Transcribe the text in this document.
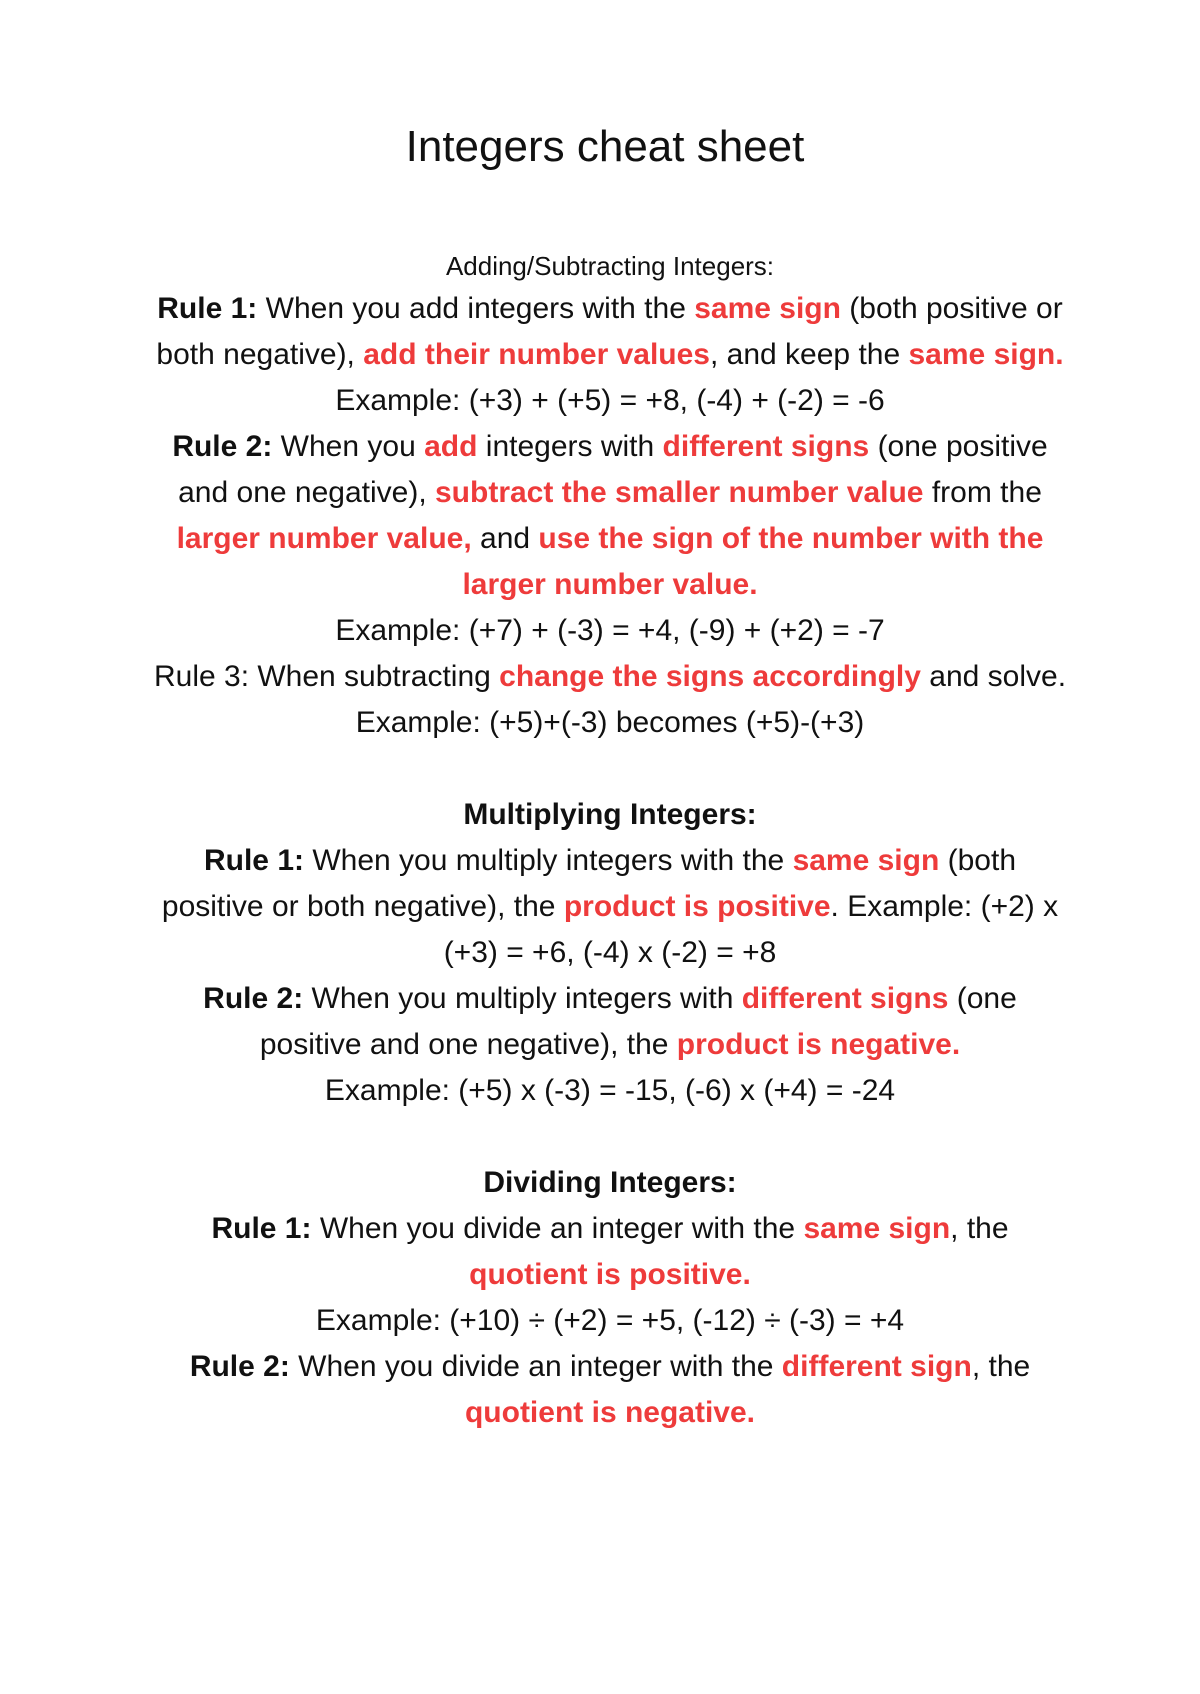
Integers cheat sheet

Adding/Subtracting Integers:

Rule 1: When you add integers with the same sign (both positive or both negative), add their number values, and keep the same sign.

Example: (+3) + (+5) = +8, (-4) + (-2) = -6

Rule 2: When you add integers with different signs (one positive and one negative), subtract the smaller number value from the larger number value, and use the sign of the number with the larger number value.

Example: (+7) + (-3) = +4, (-9) + (+2) = -7

Rule 3: When subtracting change the signs accordingly and solve.

Example: (+5)+(-3) becomes (+5)-(+3)

Multiplying Integers:

Rule 1: When you multiply integers with the same sign (both positive or both negative), the product is positive. Example: (+2) x (+3) = +6, (-4) x (-2) = +8

Rule 2: When you multiply integers with different signs (one positive and one negative), the product is negative.

Example: (+5) x (-3) = -15, (-6) x (+4) = -24

Dividing Integers:

Rule 1: When you divide an integer with the same sign, the quotient is positive.

Example: (+10) ÷ (+2) = +5, (-12) ÷ (-3) = +4

Rule 2: When you divide an integer with the different sign, the quotient is negative.
